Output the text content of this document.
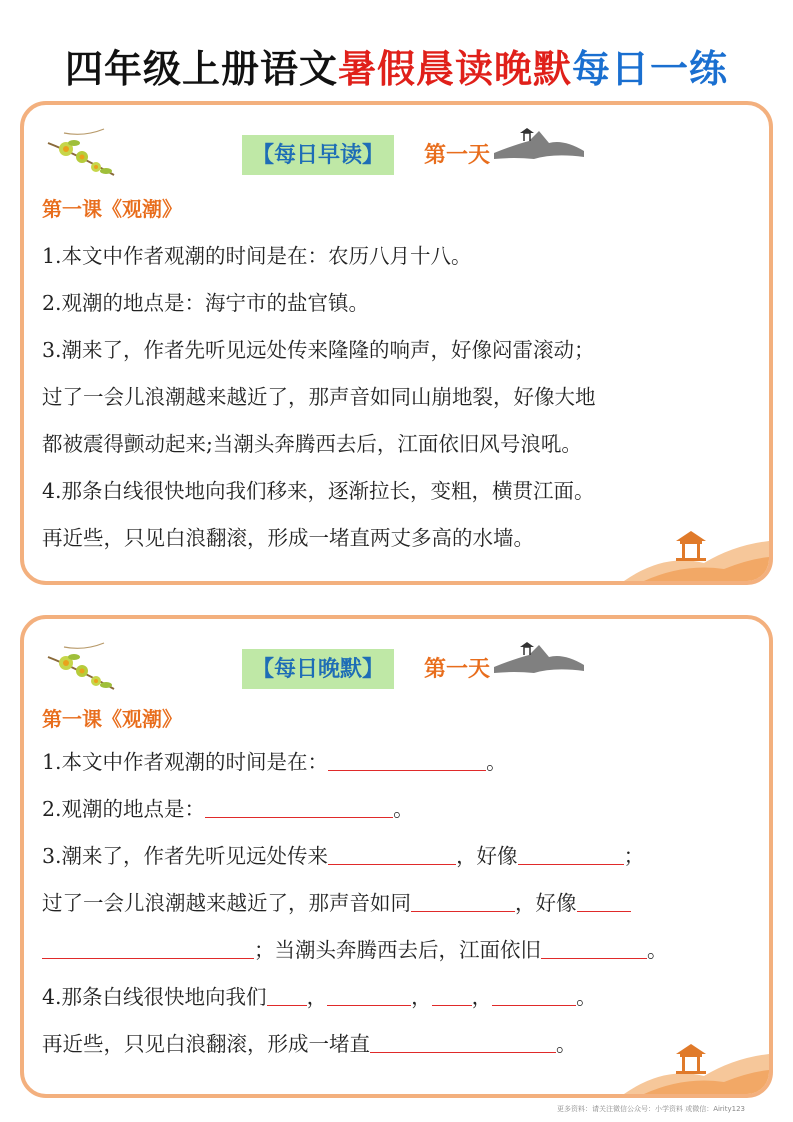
四年级上册语文暑假晨读晚默每日一练
【每日早读】	第一天
第一课《观潮》
1.本文中作者观潮的时间是在：农历八月十八。
2.观潮的地点是：海宁市的盐官镇。
3.潮来了，作者先听见远处传来隆隆的响声，好像闷雷滚动；
过了一会儿浪潮越来越近了，那声音如同山崩地裂，好像大地
都被震得颤动起来;当潮头奔腾西去后，江面依旧风号浪吼。
4.那条白线很快地向我们移来，逐渐拉长，变粗，横贯江面。
再近些，只见白浪翻滚，形成一堵直两丈多高的水墙。
【每日晚默】	第一天
第一课《观潮》
1.本文中作者观潮的时间是在：	。
2.观潮的地点是：	。
3.潮来了，作者先听见远处传来	，好像	；
过了一会儿浪潮越来越近了，那声音如同	，好像
；当潮头奔腾西去后，江面依旧	。
4.那条白线很快地向我们 ，	， ，	。
再近些，只见白浪翻滚，形成一堵直	。
更多资料：请关注微信公众号：小学资料 或微信：Airity123
